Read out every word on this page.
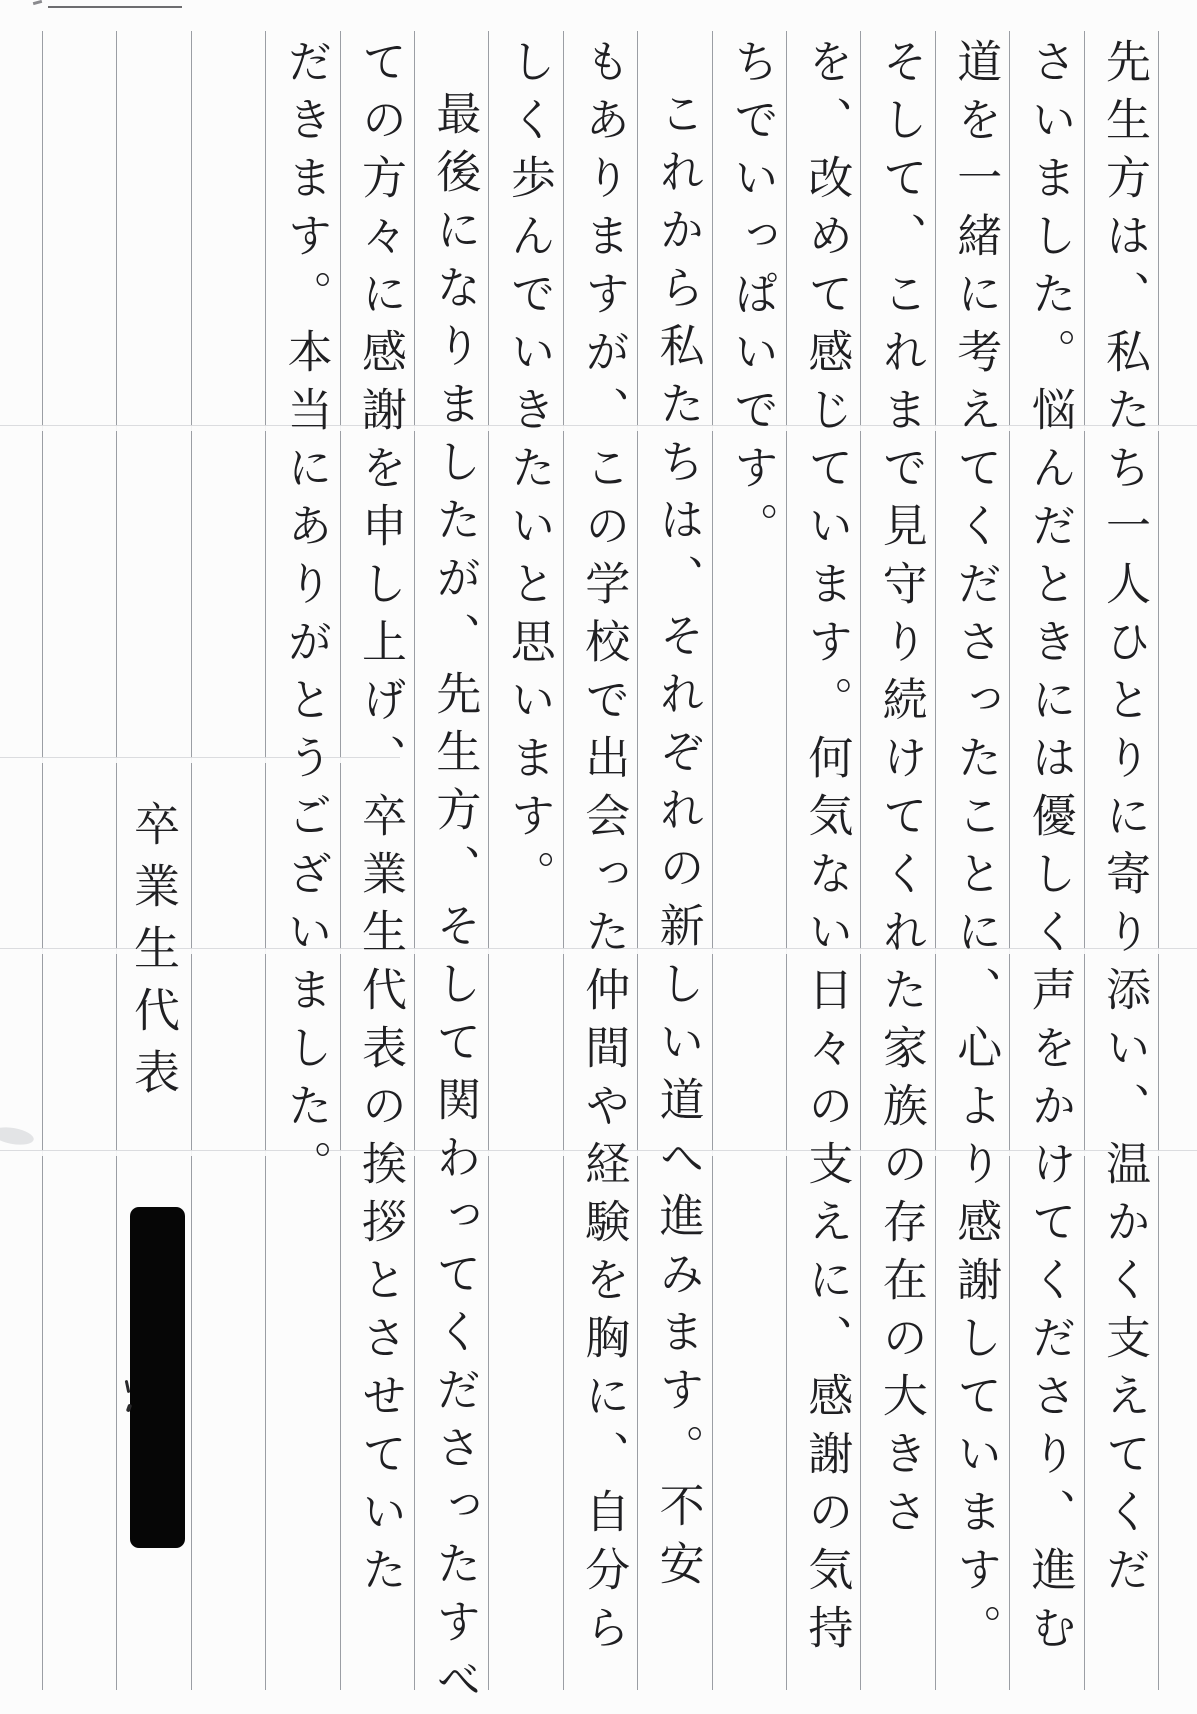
先生方は、私たち一人ひとりに寄り添い、温かく支えてくだ
さいました。悩んだときには優しく声をかけてくださり、進む
道を一緒に考えてくださったことに、心より感謝しています。
そして、これまで見守り続けてくれた家族の存在の大きさ
を、改めて感じています。何気ない日々の支えに、感謝の気持
ちでいっぱいです。
これから私たちは、それぞれの新しい道へ進みます。不安
もありますが、この学校で出会った仲間や経験を胸に、自分ら
しく歩んでいきたいと思います。
最後になりましたが、先生方、そして関わってくださったすべ
ての方々に感謝を申し上げ、卒業生代表の挨拶とさせていた
だきます。本当にありがとうございました。
卒業生代表
